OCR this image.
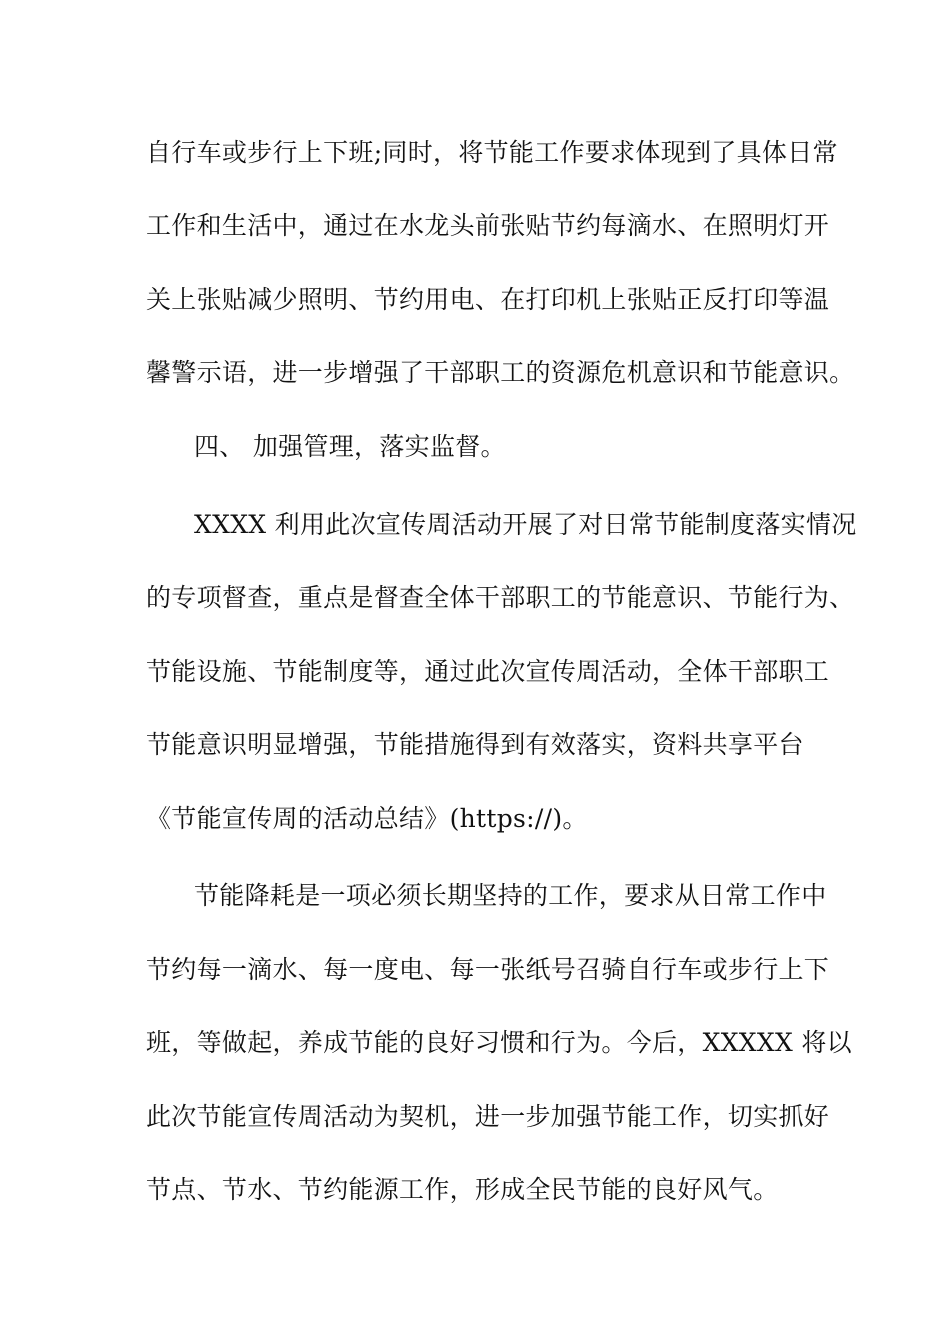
自行车或步行上下班;同时，将节能工作要求体现到了具体日常
工作和生活中，通过在水龙头前张贴节约每滴水、在照明灯开
关上张贴减少照明、节约用电、在打印机上张贴正反打印等温
馨警示语，进一步增强了干部职工的资源危机意识和节能意识。
四、 加强管理，落实监督。
XXXX 利用此次宣传周活动开展了对日常节能制度落实情况
的专项督查，重点是督查全体干部职工的节能意识、节能行为、
节能设施、节能制度等，通过此次宣传周活动，全体干部职工
节能意识明显增强，节能措施得到有效落实，资料共享平台
《节能宣传周的活动总结》(https://)。
节能降耗是一项必须长期坚持的工作，要求从日常工作中
节约每一滴水、每一度电、每一张纸号召骑自行车或步行上下
班，等做起，养成节能的良好习惯和行为。今后，XXXXX 将以
此次节能宣传周活动为契机，进一步加强节能工作，切实抓好
节点、节水、节约能源工作，形成全民节能的良好风气。
